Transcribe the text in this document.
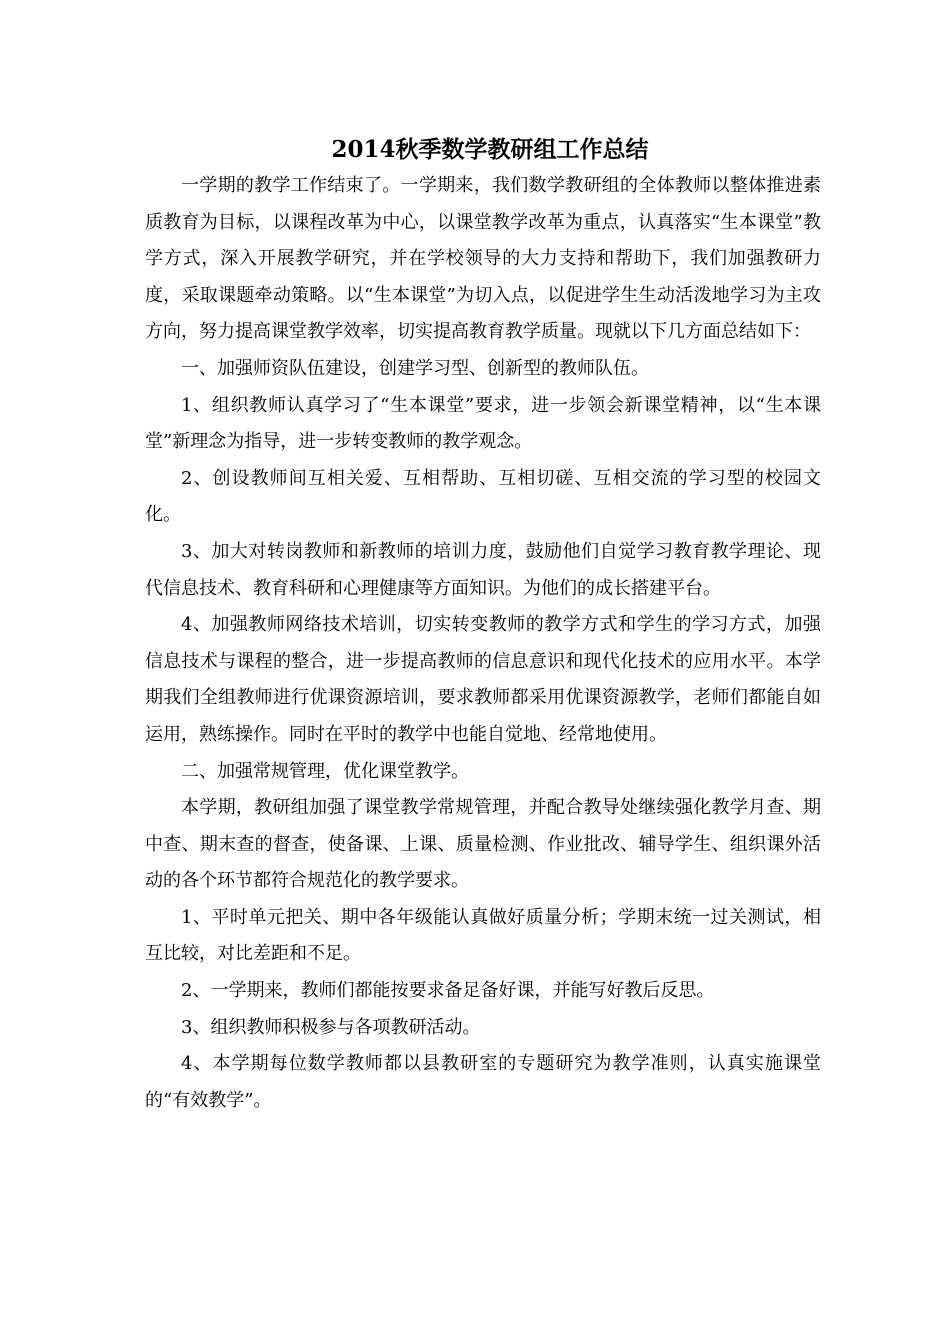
2014秋季数学教研组工作总结

一学期的教学工作结束了。一学期来，我们数学教研组的全体教师以整体推进素质教育为目标，以课程改革为中心，以课堂教学改革为重点，认真落实“生本课堂”教学方式，深入开展教学研究，并在学校领导的大力支持和帮助下，我们加强教研力度，采取课题牵动策略。以“生本课堂”为切入点，以促进学生生动活泼地学习为主攻方向，努力提高课堂教学效率，切实提高教育教学质量。现就以下几方面总结如下：

一、加强师资队伍建设，创建学习型、创新型的教师队伍。

1、组织教师认真学习了“生本课堂”要求，进一步领会新课堂精神，以“生本课堂”新理念为指导，进一步转变教师的教学观念。

2、创设教师间互相关爱、互相帮助、互相切磋、互相交流的学习型的校园文化。

3、加大对转岗教师和新教师的培训力度，鼓励他们自觉学习教育教学理论、现代信息技术、教育科研和心理健康等方面知识。为他们的成长搭建平台。

4、加强教师网络技术培训，切实转变教师的教学方式和学生的学习方式，加强信息技术与课程的整合，进一步提高教师的信息意识和现代化技术的应用水平。本学期我们全组教师进行优课资源培训，要求教师都采用优课资源教学，老师们都能自如运用，熟练操作。同时在平时的教学中也能自觉地、经常地使用。

二、加强常规管理，优化课堂教学。

本学期，教研组加强了课堂教学常规管理，并配合教导处继续强化教学月查、期中查、期末查的督查，使备课、上课、质量检测、作业批改、辅导学生、组织课外活动的各个环节都符合规范化的教学要求。

1、平时单元把关、期中各年级能认真做好质量分析；学期末统一过关测试，相互比较，对比差距和不足。

2、一学期来，教师们都能按要求备足备好课，并能写好教后反思。

3、组织教师积极参与各项教研活动。

4、本学期每位数学教师都以县教研室的专题研究为教学准则，认真实施课堂的“有效教学”。
